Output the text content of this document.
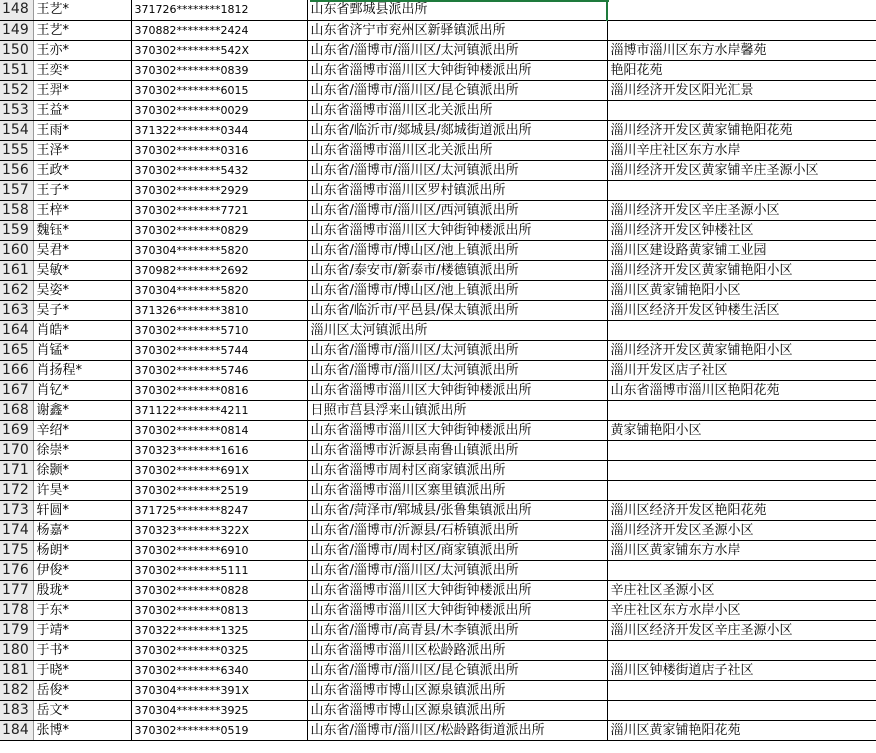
148	王艺*	371726********1812	山东省鄄城县派出所	
149	王艺*	370882********2424	山东省济宁市兖州区新驿镇派出所	
150	王亦*	370302********542X	山东省/淄博市/淄川区/太河镇派出所	淄博市淄川区东方水岸馨苑
151	王奕*	370302********0839	山东省淄博市淄川区大钟街钟楼派出所	艳阳花苑
152	王羿*	370302********6015	山东省/淄博市/淄川区/昆仑镇派出所	淄川经济开发区阳光汇景
153	王益*	370302********0029	山东省淄博市淄川区北关派出所	
154	王雨*	371322********0344	山东省/临沂市/郯城县/郯城街道派出所	淄川经济开发区黄家铺艳阳花苑
155	王泽*	370302********0316	山东省淄博市淄川区北关派出所	淄川辛庄社区东方水岸
156	王政*	370302********5432	山东省/淄博市/淄川区/太河镇派出所	淄川经济开发区黄家铺辛庄圣源小区
157	王子*	370302********2929	山东省淄博市淄川区罗村镇派出所	
158	王梓*	370302********7721	山东省/淄博市/淄川区/西河镇派出所	淄川经济开发区辛庄圣源小区
159	魏钰*	370302********0829	山东省淄博市淄川区大钟街钟楼派出所	淄川经济开发区钟楼社区
160	吴君*	370304********5820	山东省/淄博市/博山区/池上镇派出所	淄川区建设路黄家铺工业园
161	吴敏*	370982********2692	山东省/泰安市/新泰市/楼德镇派出所	淄川经济开发区黄家铺艳阳小区
162	吴姿*	370304********5820	山东省/淄博市/博山区/池上镇派出所	淄川区黄家铺艳阳小区
163	吴子*	371326********3810	山东省/临沂市/平邑县/保太镇派出所	淄川区经济开发区钟楼生活区
164	肖皓*	370302********5710	淄川区太河镇派出所	
165	肖锰*	370302********5744	山东省/淄博市/淄川区/太河镇派出所	淄川经济开发区黄家铺艳阳小区
166	肖扬程*	370302********5746	山东省/淄博市/淄川区/太河镇派出所	淄川开发区店子社区
167	肖钇*	370302********0816	山东省淄博市淄川区大钟街钟楼派出所	山东省淄博市淄川区艳阳花苑
168	谢鑫*	371122********4211	日照市莒县浮来山镇派出所	
169	辛绍*	370302********0814	山东省淄博市淄川区大钟街钟楼派出所	黄家铺艳阳小区
170	徐崇*	370323********1616	山东省淄博市沂源县南鲁山镇派出所	
171	徐颢*	370302********691X	山东省淄博市周村区商家镇派出所	
172	许昊*	370302********2519	山东省淄博市淄川区寨里镇派出所	
173	轩圆*	371725********8247	山东省/菏泽市/郓城县/张鲁集镇派出所	淄川区经济开发区艳阳花苑
174	杨嘉*	370323********322X	山东省/淄博市/沂源县/石桥镇派出所	淄川经济开发区圣源小区
175	杨朗*	370302********6910	山东省/淄博市/周村区/商家镇派出所	淄川区黄家铺东方水岸
176	伊俊*	370302********5111	山东省/淄博市/淄川区/太河镇派出所	
177	殷珑*	370302********0828	山东省淄博市淄川区大钟街钟楼派出所	辛庄社区圣源小区
178	于东*	370302********0813	山东省淄博市淄川区大钟街钟楼派出所	辛庄社区东方水岸小区
179	于靖*	370322********1325	山东省/淄博市/高青县/木李镇派出所	淄川区经济开发区辛庄圣源小区
180	于书*	370302********0325	山东省淄博市淄川区松龄路派出所	
181	于晓*	370302********6340	山东省/淄博市/淄川区/昆仑镇派出所	淄川区钟楼街道店子社区
182	岳俊*	370304********391X	山东省淄博市博山区源泉镇派出所	
183	岳文*	370304********3925	山东省淄博市博山区源泉镇派出所	
184	张博*	370302********0519	山东省/淄博市/淄川区/松龄路街道派出所	淄川区黄家铺艳阳花苑
